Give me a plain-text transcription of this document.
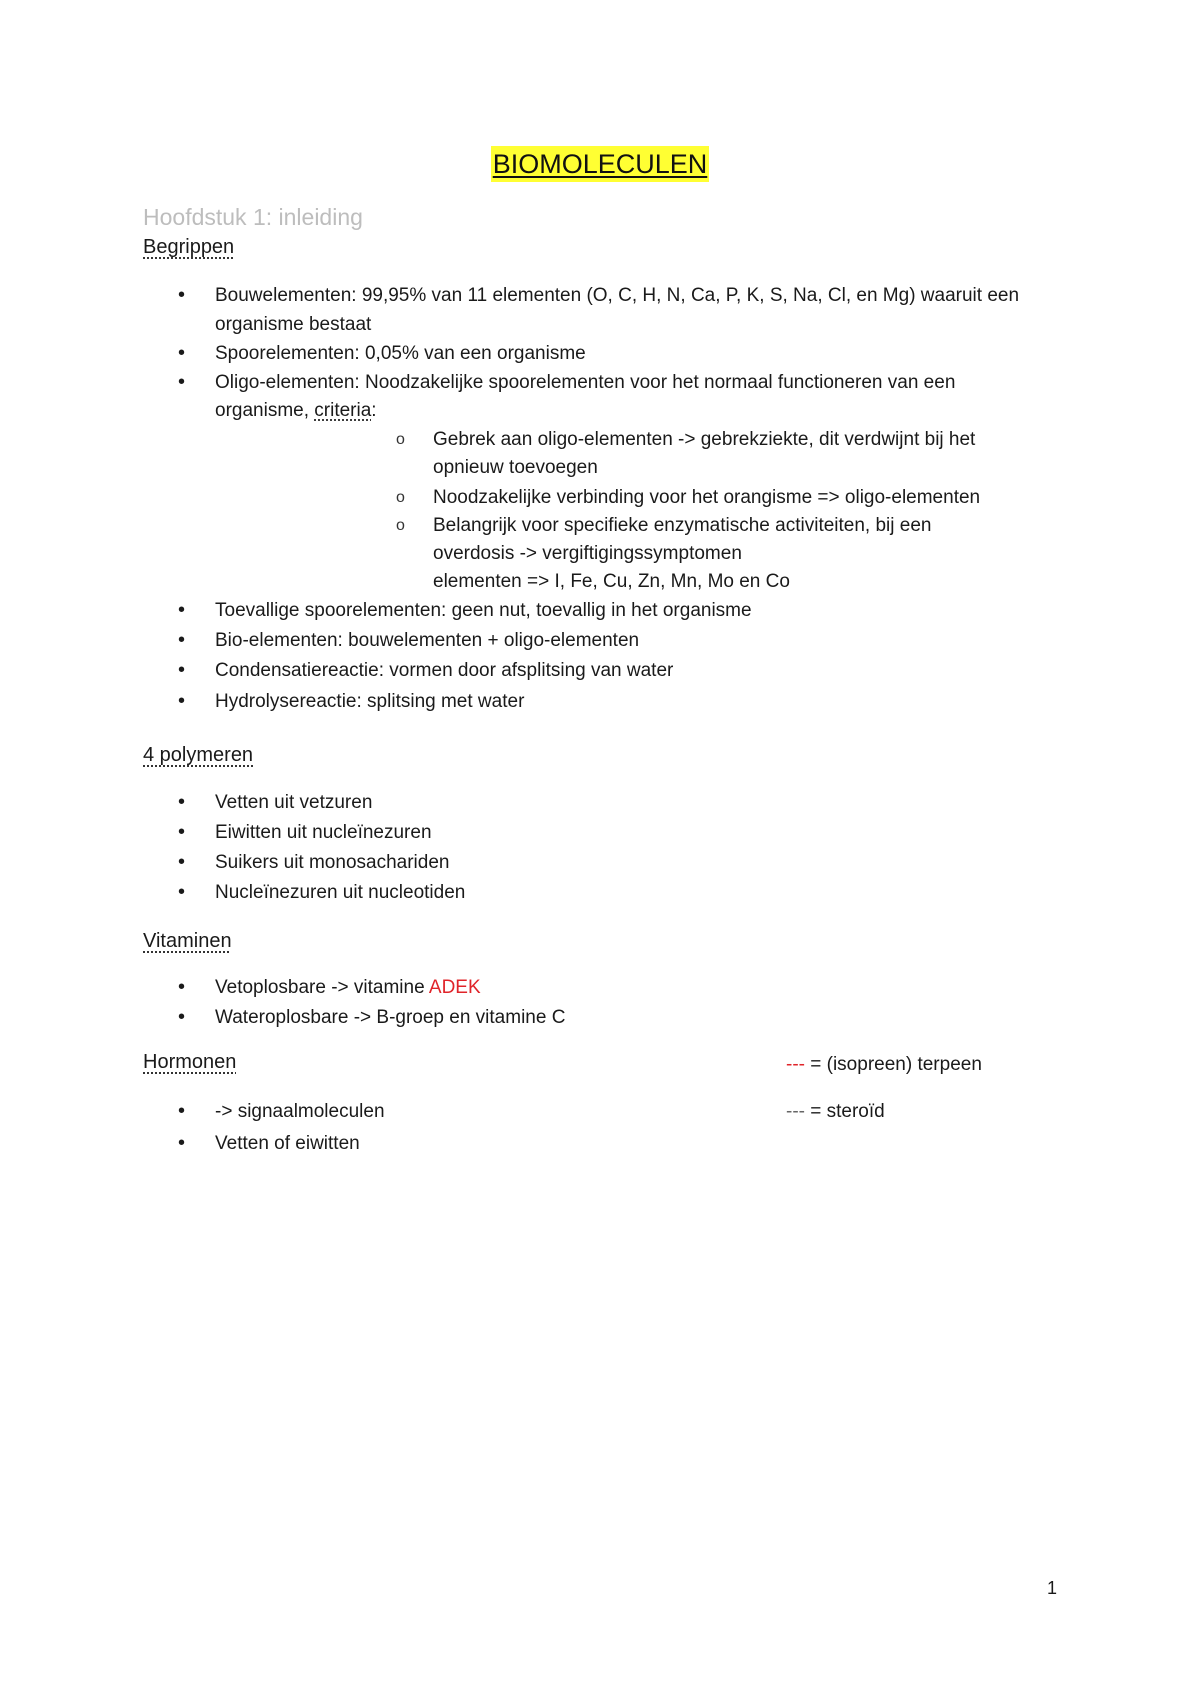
BIOMOLECULEN
Hoofdstuk 1: inleiding
Begrippen
• Bouwelementen: 99,95% van 11 elementen (O, C, H, N, Ca, P, K, S, Na, Cl, en Mg) waaruit een
organisme bestaat
• Spoorelementen: 0,05% van een organisme
• Oligo-elementen: Noodzakelijke spoorelementen voor het normaal functioneren van een
organisme, criteria:
o Gebrek aan oligo-elementen -> gebrekziekte, dit verdwijnt bij het
opnieuw toevoegen
o Noodzakelijke verbinding voor het orangisme => oligo-elementen
o Belangrijk voor specifieke enzymatische activiteiten, bij een
overdosis -> vergiftigingssymptomen
elementen => I, Fe, Cu, Zn, Mn, Mo en Co
• Toevallige spoorelementen: geen nut, toevallig in het organisme
• Bio-elementen: bouwelementen + oligo-elementen
• Condensatiereactie: vormen door afsplitsing van water
• Hydrolysereactie: splitsing met water
4 polymeren
• Vetten uit vetzuren
• Eiwitten uit nucleïnezuren
• Suikers uit monosachariden
• Nucleïnezuren uit nucleotiden
Vitaminen
• Vetoplosbare -> vitamine ADEK
• Wateroplosbare -> B-groep en vitamine C
Hormonen
• -> signaalmoleculen
• Vetten of eiwitten
--- = (isopreen) terpeen
--- = steroïd
1
